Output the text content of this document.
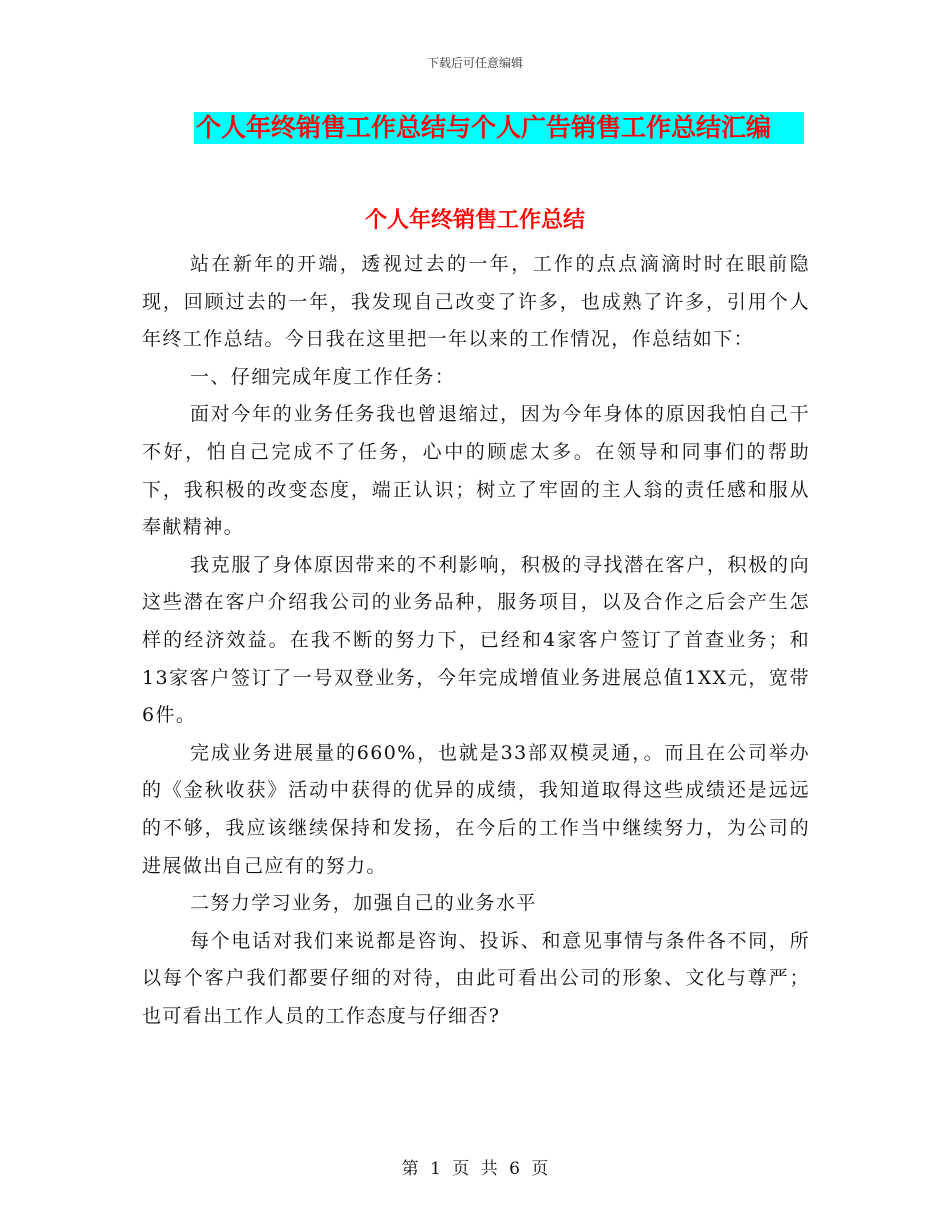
下载后可任意编辑
个人年终销售工作总结与个人广告销售工作总结汇编
个人年终销售工作总结

站在新年的开端，透视过去的一年，工作的点点滴滴时时在眼前隐现，回顾过去的一年，我发现自己改变了许多，也成熟了许多，引用个人年终工作总结。今日我在这里把一年以来的工作情况，作总结如下：

一、仔细完成年度工作任务：

面对今年的业务任务我也曾退缩过，因为今年身体的原因我怕自己干不好，怕自己完成不了任务，心中的顾虑太多。在领导和同事们的帮助下，我积极的改变态度，端正认识；树立了牢固的主人翁的责任感和服从奉献精神。

我克服了身体原因带来的不利影响，积极的寻找潜在客户，积极的向这些潜在客户介绍我公司的业务品种，服务项目，以及合作之后会产生怎样的经济效益。在我不断的努力下，已经和4家客户签订了首查业务；和13家客户签订了一号双登业务，今年完成增值业务进展总值1XX元，宽带6件。

完成业务进展量的660%，也就是33部双模灵通，。而且在公司举办的《金秋收获》活动中获得的优异的成绩，我知道取得这些成绩还是远远的不够，我应该继续保持和发扬，在今后的工作当中继续努力，为公司的进展做出自己应有的努力。

二努力学习业务，加强自己的业务水平

每个电话对我们来说都是咨询、投诉、和意见事情与条件各不同，所以每个客户我们都要仔细的对待，由此可看出公司的形象、文化与尊严；也可看出工作人员的工作态度与仔细否?

第 1 页 共 6 页
